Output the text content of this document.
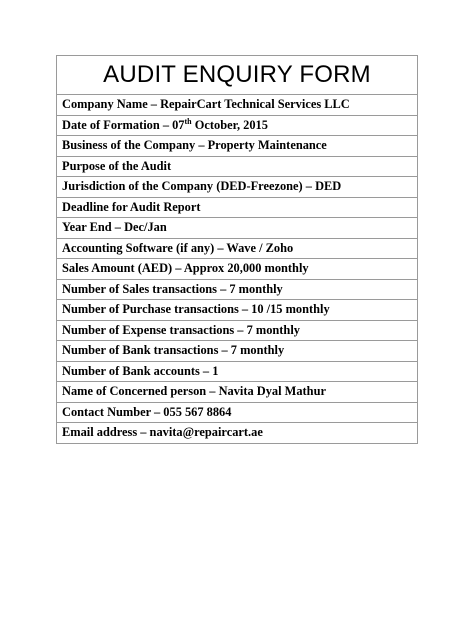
AUDIT ENQUIRY FORM
Company Name – RepairCart Technical Services LLC
Date of Formation – 07th October, 2015
Business of the Company – Property Maintenance
Purpose of the Audit
Jurisdiction of the Company (DED-Freezone) – DED
Deadline for Audit Report
Year End – Dec/Jan
Accounting Software (if any) – Wave / Zoho
Sales Amount (AED) – Approx 20,000 monthly
Number of Sales transactions – 7 monthly
Number of Purchase transactions – 10 /15 monthly
Number of Expense transactions – 7 monthly
Number of Bank transactions – 7 monthly
Number of Bank accounts – 1
Name of Concerned person – Navita Dyal Mathur
Contact Number – 055 567 8864
Email address – navita@repaircart.ae
